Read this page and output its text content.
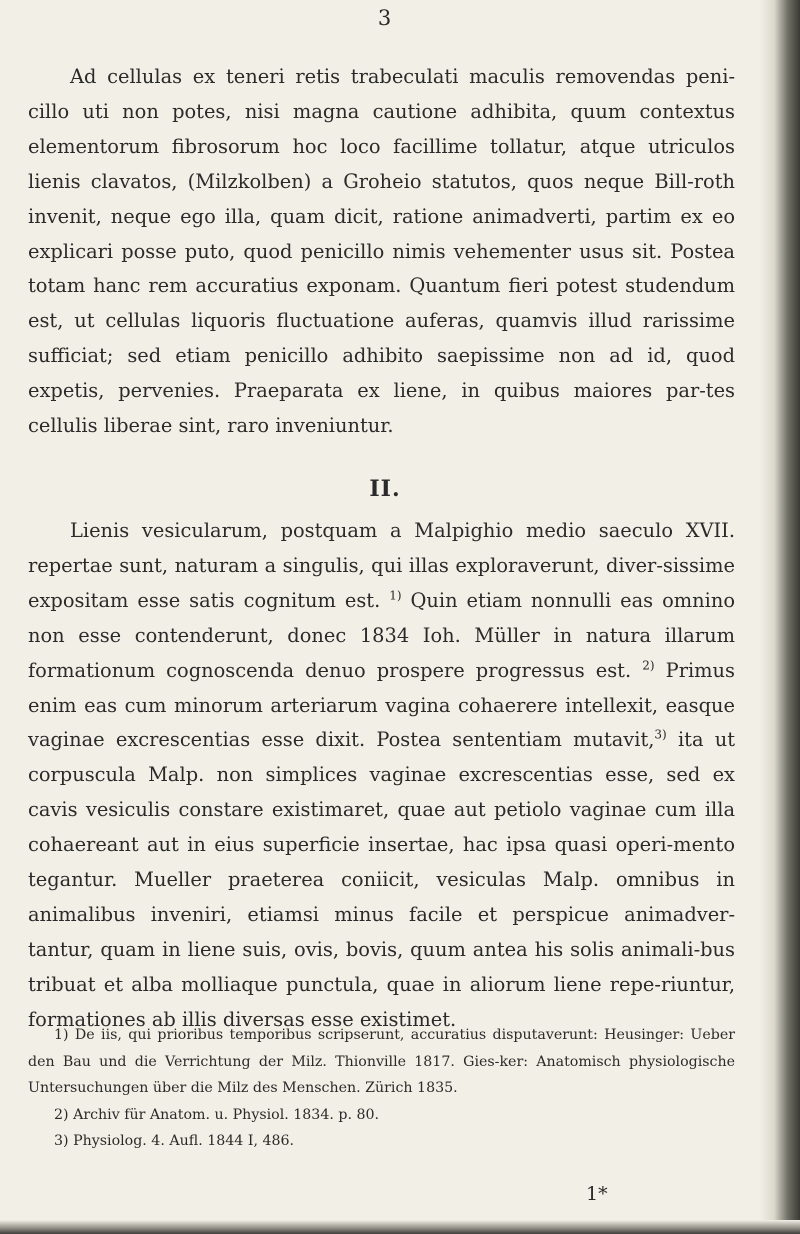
3

Ad cellulas ex teneri retis trabeculati maculis removendas peni-cillo uti non potes, nisi magna cautione adhibita, quum contextus elementorum fibrosorum hoc loco facillime tollatur, atque utriculos lienis clavatos, (Milzkolben) a Groheio statutos, quos neque Bill-roth invenit, neque ego illa, quam dicit, ratione animadverti, partim ex eo explicari posse puto, quod penicillo nimis vehementer usus sit. Postea totam hanc rem accuratius exponam. Quantum fieri potest studendum est, ut cellulas liquoris fluctuatione auferas, quamvis illud rarissime sufficiat; sed etiam penicillo adhibito saepissime non ad id, quod expetis, pervenies. Praeparata ex liene, in quibus maiores par-tes cellulis liberae sint, raro inveniuntur.

II.

Lienis vesicularum, postquam a Malpighio medio saeculo XVII. repertae sunt, naturam a singulis, qui illas exploraverunt, diver-sissime expositam esse satis cognitum est. $^{1)}$ Quin etiam nonnulli eas omnino non esse contenderunt, donec 1834 Ioh. Müller in natura illarum formationum cognoscenda denuo prospere progressus est. $^{2)}$ Primus enim eas cum minorum arteriarum vagina cohaerere intellexit, easque vaginae excrescentias esse dixit. Postea sententiam mutavit,$^{3)}$ ita ut corpuscula Malp. non simplices vaginae excrescentias esse, sed ex cavis vesiculis constare existimaret, quae aut petiolo vaginae cum illa cohaereant aut in eius superficie insertae, hac ipsa quasi operi-mento tegantur. Mueller praeterea coniicit, vesiculas Malp. omnibus in animalibus inveniri, etiamsi minus facile et perspicue animadver-tantur, quam in liene suis, ovis, bovis, quum antea his solis animali-bus tribuat et alba molliaque punctula, quae in aliorum liene repe-riuntur, formationes ab illis diversas esse existimet.

1) De iis, qui prioribus temporibus scripserunt, accuratius disputaverunt: Heusinger: Ueber den Bau und die Verrichtung der Milz. Thionville 1817. Gies-ker: Anatomisch physiologische Untersuchungen über die Milz des Menschen. Zürich 1835.

2) Archiv für Anatom. u. Physiol. 1834. p. 80.

3) Physiolog. 4. Aufl. 1844 I, 486.

1*
